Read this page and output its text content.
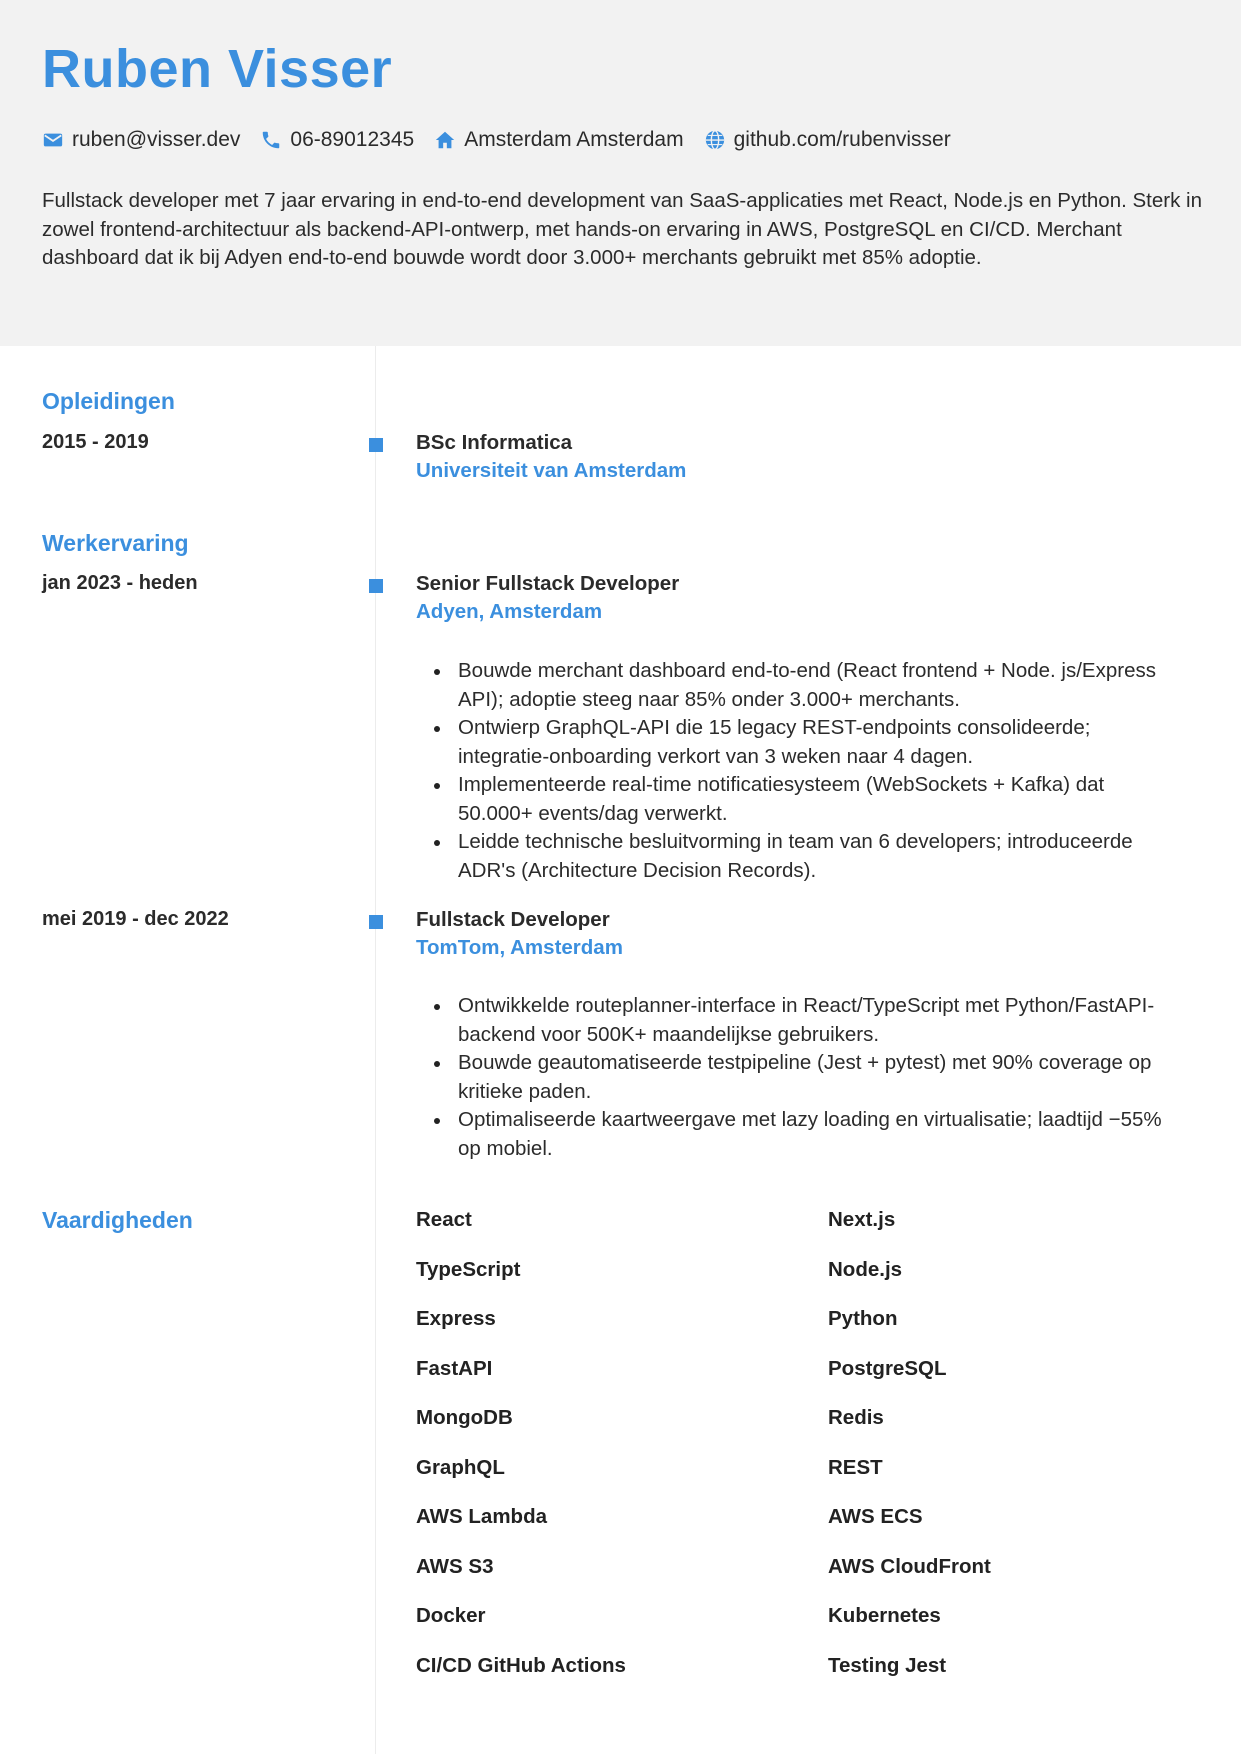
Ruben Visser
ruben@visser.dev 06-89012345 Amsterdam Amsterdam github.com/rubenvisser

Fullstack developer met 7 jaar ervaring in end-to-end development van SaaS-applicaties met React, Node.js en Python. Sterk in zowel frontend-architectuur als backend-API-ontwerp, met hands-on ervaring in AWS, PostgreSQL en CI/CD. Merchant dashboard dat ik bij Adyen end-to-end bouwde wordt door 3.000+ merchants gebruikt met 85% adoptie.

Opleidingen
2015 - 2019	BSc Informatica
Universiteit van Amsterdam
Werkervaring
jan 2023 - heden	Senior Fullstack Developer
Adyen, Amsterdam
Bouwde merchant dashboard end-to-end (React frontend + Node. js/Express API); adoptie steeg naar 85% onder 3.000+ merchants.
Ontwierp GraphQL-API die 15 legacy REST-endpoints consolideerde; integratie-onboarding verkort van 3 weken naar 4 dagen.
Implementeerde real-time notificatiesysteem (WebSockets + Kafka) dat 50.000+ events/dag verwerkt.
Leidde technische besluitvorming in team van 6 developers; introduceerde ADR's (Architecture Decision Records).
mei 2019 - dec 2022	Fullstack Developer
TomTom, Amsterdam
Ontwikkelde routeplanner-interface in React/TypeScript met Python/FastAPI-backend voor 500K+ maandelijkse gebruikers.
Bouwde geautomatiseerde testpipeline (Jest + pytest) met 90% coverage op kritieke paden.
Optimaliseerde kaartweergave met lazy loading en virtualisatie; laadtijd −55% op mobiel.
Vaardigheden	React	Next.js
TypeScript	Node.js
Express	Python
FastAPI	PostgreSQL
MongoDB	Redis
GraphQL	REST
AWS Lambda	AWS ECS
AWS S3	AWS CloudFront
Docker	Kubernetes
CI/CD GitHub Actions	Testing Jest
